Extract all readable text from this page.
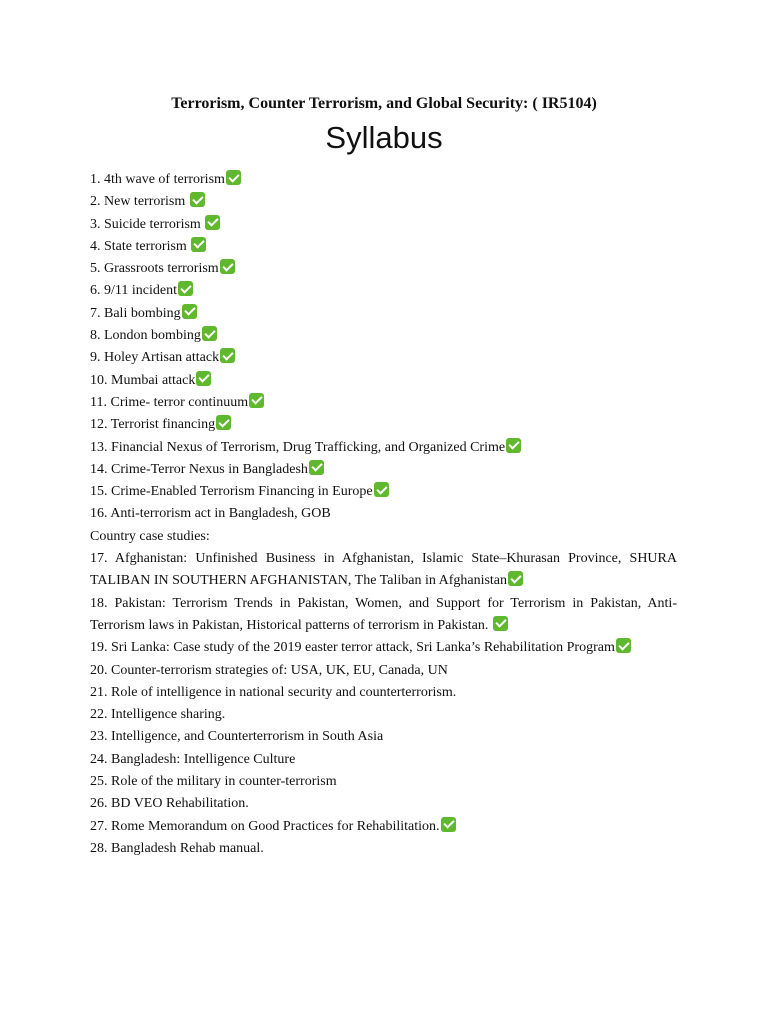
Terrorism, Counter Terrorism, and Global Security: ( IR5104)
Syllabus
1. 4th wave of terrorism
2. New terrorism
3. Suicide terrorism
4. State terrorism
5. Grassroots terrorism
6. 9/11 incident
7. Bali bombing
8. London bombing
9. Holey Artisan attack
10. Mumbai attack
11. Crime- terror continuum
12. Terrorist financing
13. Financial Nexus of Terrorism, Drug Trafficking, and Organized Crime
14. Crime-Terror Nexus in Bangladesh
15. Crime-Enabled Terrorism Financing in Europe
16. Anti-terrorism act in Bangladesh, GOB
Country case studies:
17. Afghanistan: Unfinished Business in Afghanistan, Islamic State–Khurasan Province, SHURA TALIBAN IN SOUTHERN AFGHANISTAN, The Taliban in Afghanistan
18. Pakistan: Terrorism Trends in Pakistan, Women, and Support for Terrorism in Pakistan, Anti-Terrorism laws in Pakistan, Historical patterns of terrorism in Pakistan.
19. Sri Lanka: Case study of the 2019 easter terror attack, Sri Lanka’s Rehabilitation Program
20. Counter-terrorism strategies of: USA, UK, EU, Canada, UN
21. Role of intelligence in national security and counterterrorism.
22. Intelligence sharing.
23. Intelligence, and Counterterrorism in South Asia
24. Bangladesh: Intelligence Culture
25. Role of the military in counter-terrorism
26. BD VEO Rehabilitation.
27. Rome Memorandum on Good Practices for Rehabilitation.
28. Bangladesh Rehab manual.
